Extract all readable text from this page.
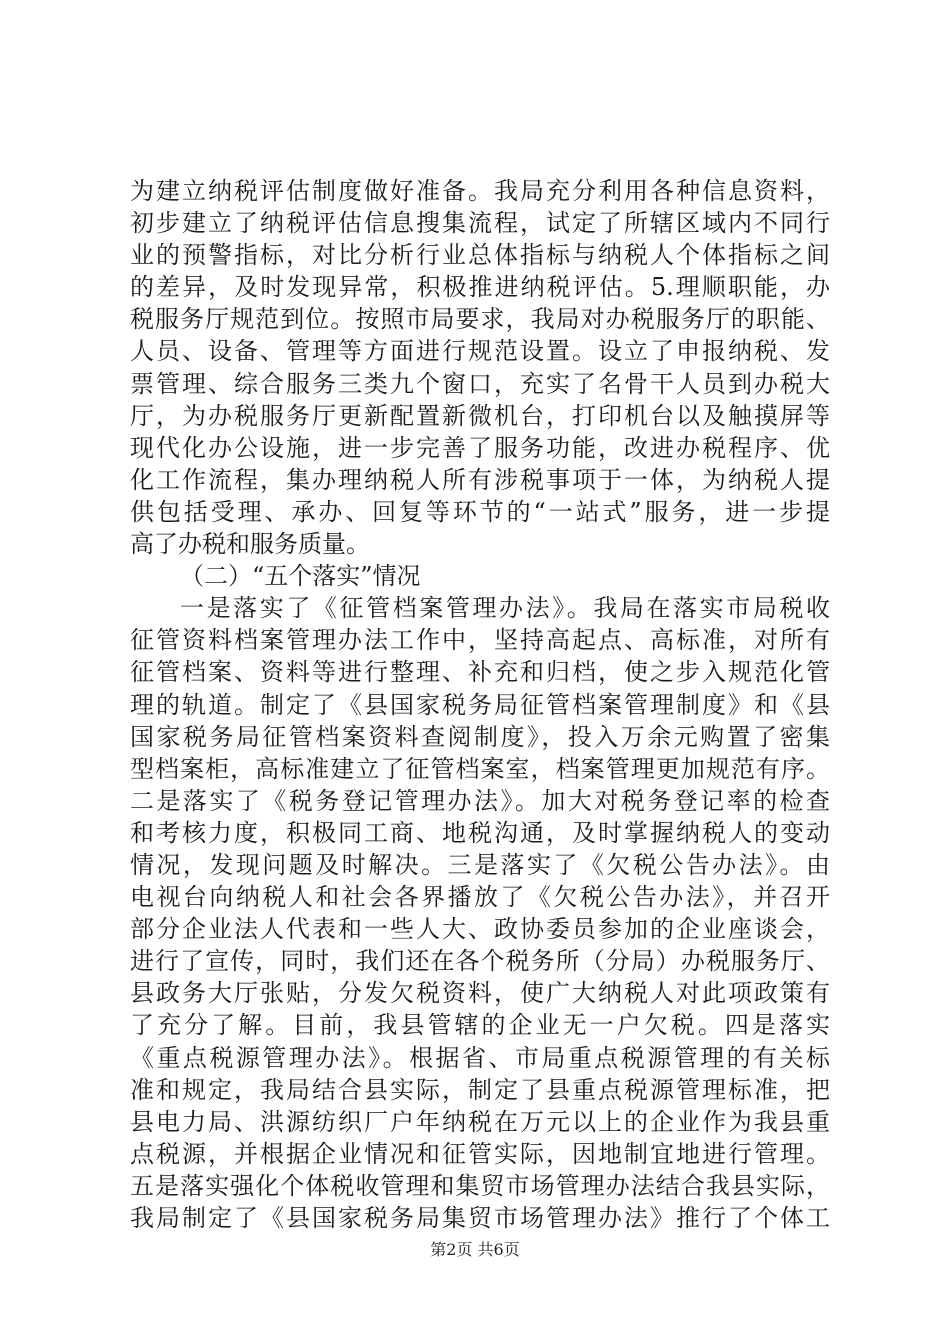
为建立纳税评估制度做好准备。我局充分利用各种信息资料，
初步建立了纳税评估信息搜集流程，试定了所辖区域内不同行
业的预警指标，对比分析行业总体指标与纳税人个体指标之间
的差异，及时发现异常，积极推进纳税评估。5.理顺职能，办
税服务厅规范到位。按照市局要求，我局对办税服务厅的职能、
人员、设备、管理等方面进行规范设置。设立了申报纳税、发
票管理、综合服务三类九个窗口，充实了名骨干人员到办税大
厅，为办税服务厅更新配置新微机台，打印机台以及触摸屏等
现代化办公设施，进一步完善了服务功能，改进办税程序、优
化工作流程，集办理纳税人所有涉税事项于一体，为纳税人提
供包括受理、承办、回复等环节的“一站式”服务，进一步提
高了办税和服务质量。
（二）“五个落实”情况
一是落实了《征管档案管理办法》。我局在落实市局税收
征管资料档案管理办法工作中，坚持高起点、高标准，对所有
征管档案、资料等进行整理、补充和归档，使之步入规范化管
理的轨道。制定了《县国家税务局征管档案管理制度》和《县
国家税务局征管档案资料查阅制度》，投入万余元购置了密集
型档案柜，高标准建立了征管档案室，档案管理更加规范有序。
二是落实了《税务登记管理办法》。加大对税务登记率的检查
和考核力度，积极同工商、地税沟通，及时掌握纳税人的变动
情况，发现问题及时解决。三是落实了《欠税公告办法》。由
电视台向纳税人和社会各界播放了《欠税公告办法》，并召开
部分企业法人代表和一些人大、政协委员参加的企业座谈会，
进行了宣传，同时，我们还在各个税务所（分局）办税服务厅、
县政务大厅张贴，分发欠税资料，使广大纳税人对此项政策有
了充分了解。目前，我县管辖的企业无一户欠税。四是落实
《重点税源管理办法》。根据省、市局重点税源管理的有关标
准和规定，我局结合县实际，制定了县重点税源管理标准，把
县电力局、洪源纺织厂户年纳税在万元以上的企业作为我县重
点税源，并根据企业情况和征管实际，因地制宜地进行管理。
五是落实强化个体税收管理和集贸市场管理办法结合我县实际，
我局制定了《县国家税务局集贸市场管理办法》推行了个体工
第2页 共6页
